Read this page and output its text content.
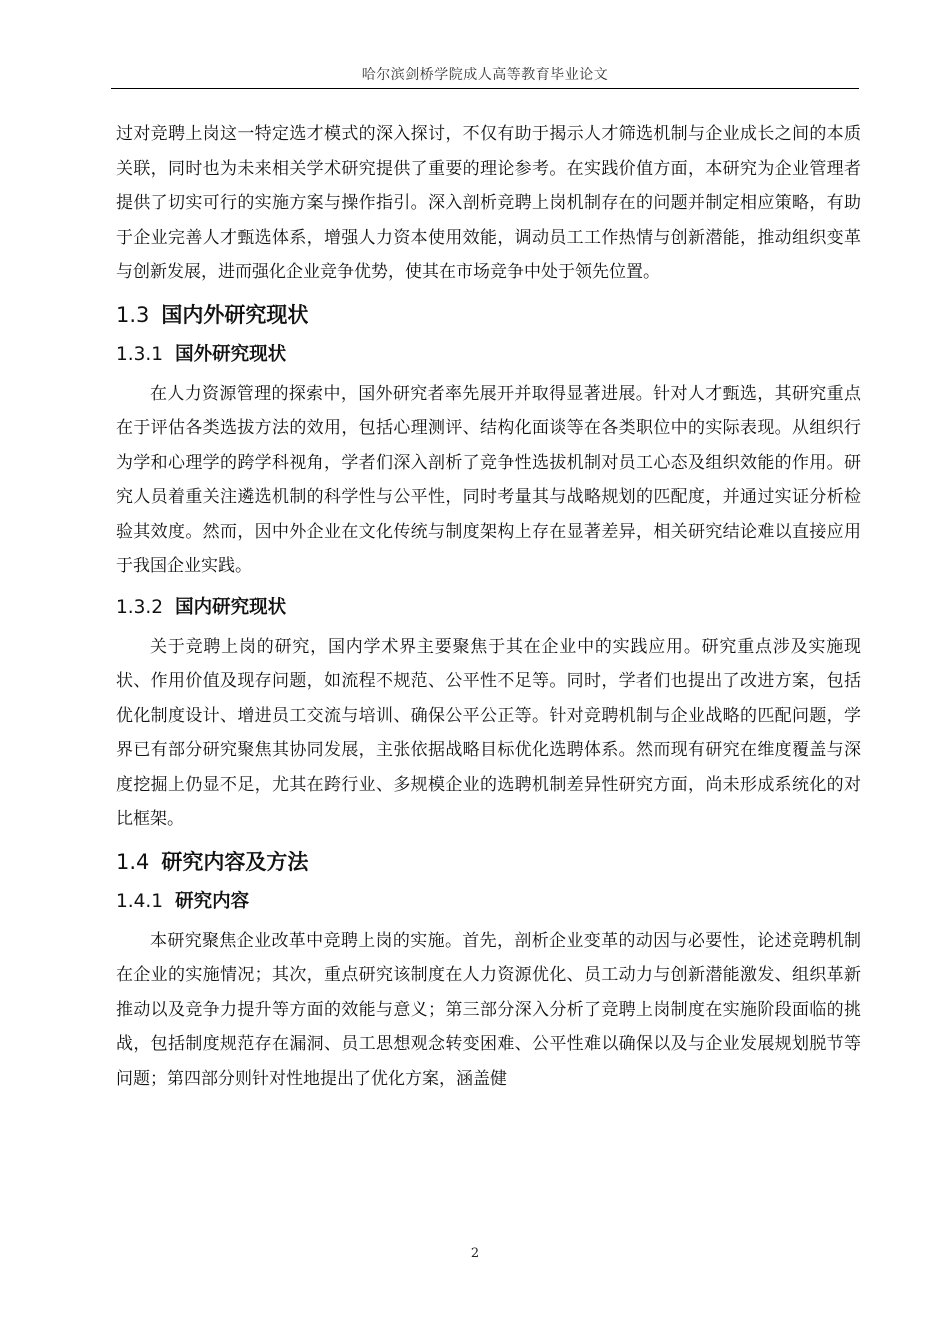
哈尔滨剑桥学院成人高等教育毕业论文

过对竞聘上岗这一特定选才模式的深入探讨，不仅有助于揭示人才筛选机制与企业成长之间的本质关联，同时也为未来相关学术研究提供了重要的理论参考。在实践价值方面，本研究为企业管理者提供了切实可行的实施方案与操作指引。深入剖析竞聘上岗机制存在的问题并制定相应策略，有助于企业完善人才甄选体系，增强人力资本使用效能，调动员工工作热情与创新潜能，推动组织变革与创新发展，进而强化企业竞争优势，使其在市场竞争中处于领先位置。

1.3 国内外研究现状
1.3.1 国外研究现状

在人力资源管理的探索中，国外研究者率先展开并取得显著进展。针对人才甄选，其研究重点在于评估各类选拔方法的效用，包括心理测评、结构化面谈等在各类职位中的实际表现。从组织行为学和心理学的跨学科视角，学者们深入剖析了竞争性选拔机制对员工心态及组织效能的作用。研究人员着重关注遴选机制的科学性与公平性，同时考量其与战略规划的匹配度，并通过实证分析检验其效度。然而，因中外企业在文化传统与制度架构上存在显著差异，相关研究结论难以直接应用于我国企业实践。

1.3.2 国内研究现状

关于竞聘上岗的研究，国内学术界主要聚焦于其在企业中的实践应用。研究重点涉及实施现状、作用价值及现存问题，如流程不规范、公平性不足等。同时，学者们也提出了改进方案，包括优化制度设计、增进员工交流与培训、确保公平公正等。针对竞聘机制与企业战略的匹配问题，学界已有部分研究聚焦其协同发展，主张依据战略目标优化选聘体系。然而现有研究在维度覆盖与深度挖掘上仍显不足，尤其在跨行业、多规模企业的选聘机制差异性研究方面，尚未形成系统化的对比框架。

1.4 研究内容及方法
1.4.1 研究内容

本研究聚焦企业改革中竞聘上岗的实施。首先，剖析企业变革的动因与必要性，论述竞聘机制在企业的实施情况；其次，重点研究该制度在人力资源优化、员工动力与创新潜能激发、组织革新推动以及竞争力提升等方面的效能与意义；第三部分深入分析了竞聘上岗制度在实施阶段面临的挑战，包括制度规范存在漏洞、员工思想观念转变困难、公平性难以确保以及与企业发展规划脱节等问题；第四部分则针对性地提出了优化方案，涵盖健

2
